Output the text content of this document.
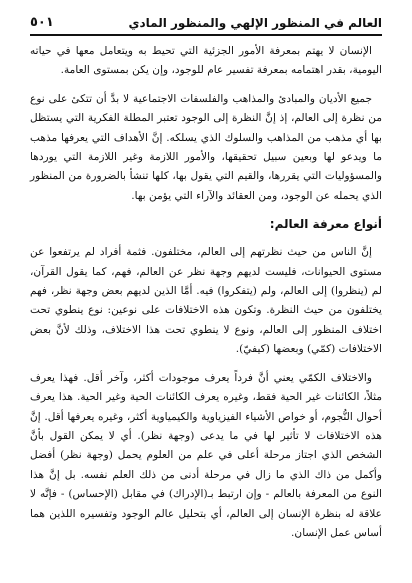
٥٠١	العالم في المنظور الإلهي والمنظور المادي

الإنسان لا يهتم بمعرفة الأمور الجزئية التي تحيط به ويتعامل معها في حياته اليومية، بقدر اهتمامه بمعرفة تفسير عام للوجود، وإن يكن بمستوى العامة.

جميع الأديان والمبادئ والمذاهب والفلسفات الاجتماعية لا بدَّ أن تتكئ على نوع من نظرة إلى العالم، إذ إنَّ النظرة إلى الوجود تعتبر المطلة الفكرية التي يستظل بها أي مذهب من المذاهب والسلوك الذي يسلكه. إنَّ الأهداف التي يعرفها مذهب ما ويدعو لها وبعين سبيل تحقيقها، والأمور اللازمة وغير اللازمة التي يوردها والمسؤوليات التي يقررها، والقيم التي يقول بها، كلها تنشأ بالضرورة من المنظور الذي يحمله عن الوجود، ومن العقائد والآراء التي يؤمن بها.

أنواع معرفة العالم:

إنَّ الناس من حيث نظرتهم إلى العالم، مختلفون. فثمة أفراد لم يرتفعوا عن مستوى الحيوانات، فليست لديهم وجهة نظر عن العالم، فهم، كما يقول القرآن، لم (ينظروا) إلى العالم، ولم (يتفكروا) فيه. أمَّا الذين لديهم بعض وجهة نظر، فهم يختلفون من حيث النظرة. وتكون هذه الاختلافات على نوعين: نوع ينطوي تحت اختلاف المنظور إلى العالم، ونوع لا ينطوي تحت هذا الاختلاف، وذلك لأنَّ بعض الاختلافات (كمّي) وبعضها (كيفيّ).

والاختلاف الكمّي يعني أنَّ فرداً يعرف موجودات أكثر، وآخر أقل. فهذا يعرف مثلاً، الكائنات غير الحية فقط، وغيره يعرف الكائنات الحية وغير الحية. هذا يعرف أحوال النُّجوم، أو خواص الأشياء الفيزياوية والكيمياوية أكثر، وغيره يعرفها أقل. إنَّ هذه الاختلافات لا تأثير لها في ما يدعى (وجهة نظر). أي لا يمكن القول بأنَّ الشخص الذي اجتاز مرحلة أعلى في علم من العلوم يحمل (وجهة نظر) أفضل وأكمل من ذاك الذي ما زال في مرحلة أدنى من ذلك العلم نفسه. بل إنَّ هذا النوع من المعرفة بالعالم - وإن ارتبط بـ(الإدراك) في مقابل (الإحساس) - فإنَّه لا علاقة له بنظرة الإنسان إلى العالم، أي بتحليل عالم الوجود وتفسيره اللذين هما أساس عمل الإنسان.
